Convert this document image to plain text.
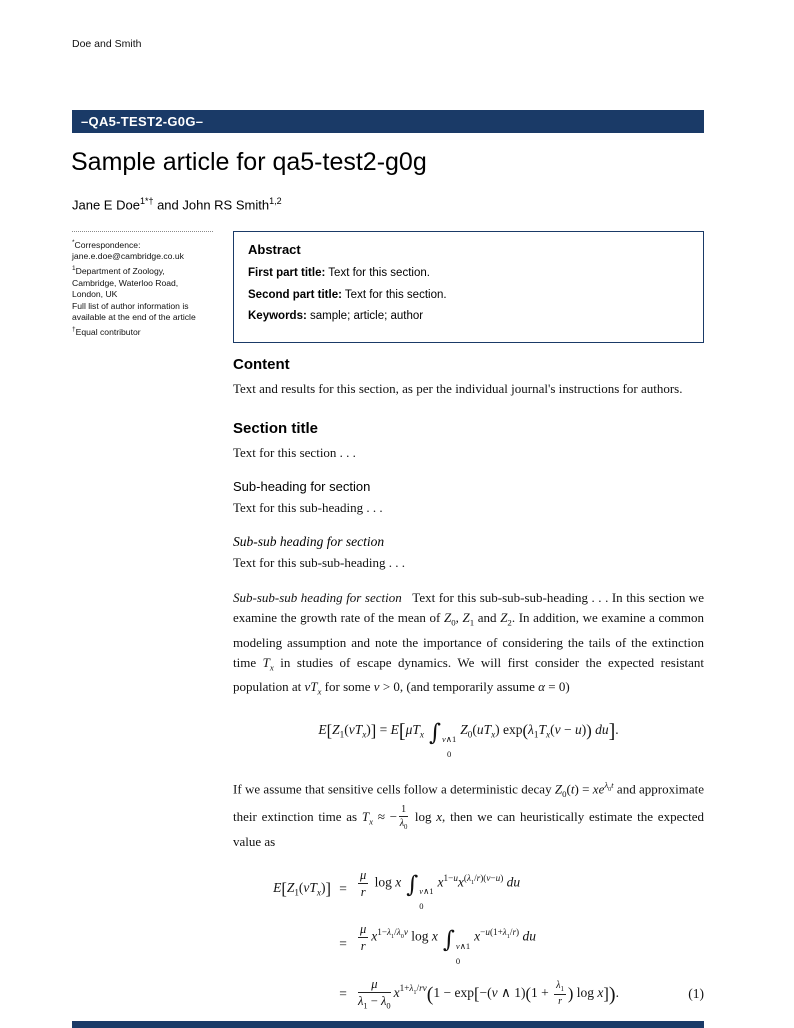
Doe and Smith
–QA5-TEST2-G0G–
Sample article for qa5-test2-g0g
Jane E Doe$^{1*\dagger}$ and John RS Smith$^{1,2}$
*Correspondence:
jane.e.doe@cambridge.co.uk
$^1$Department of Zoology,
Cambridge, Waterloo Road,
London, UK
Full list of author information is
available at the end of the article
†Equal contributor
Abstract
First part title: Text for this section.
Second part title: Text for this section.
Keywords: sample; article; author
Content

Text and results for this section, as per the individual journal's instructions for authors.

Section title

Text for this section . . .

Sub-heading for section

Text for this sub-heading . . .

Sub-sub heading for section

Text for this sub-sub-heading . . .

Sub-sub-sub heading for section   Text for this sub-sub-sub-heading . . . In this section we examine the growth rate of the mean of $Z_0$, $Z_1$ and $Z_2$. In addition, we examine a common modeling assumption and note the importance of considering the tails of the extinction time $T_x$ in studies of escape dynamics. We will first consider the expected resistant population at $vT_x$ for some v > 0, (and temporarily assume α = 0)

$E[Z_1(vT_x)] = E[\mu T_x$ ∫ v∧1
0
$Z_0(uT_x) \exp(\lambda_1T_x(v - u))$ du].

If we assume that sensitive cells follow a deterministic decay $Z_0(t) = xe^{\lambda_0t}$ and approximate their extinction time as $T_x$ ≈ − $\frac{1}{\lambda_0}$ log x, then we can heuristically estimate the expected value as

$E[Z_1(vT_x)] = \frac{\mu}{r}$ log x ∫ v∧1
0
$x^{1-u}x^{(\lambda_1/r)(v-u)}$ du
= $\frac{\mu}{r} x^{1-\lambda_1/\lambda_0v}$ log x ∫ v∧1
0
$x^{-u(1+\lambda_1/r)}$ du
= $\frac{\mu}{\lambda_1 - \lambda_0} x^{1+\lambda_1/rv}(1 - \exp[-(v$ ∧ $1)(1 + \frac{\lambda_1}{r}$ ) log x]).	(1)
